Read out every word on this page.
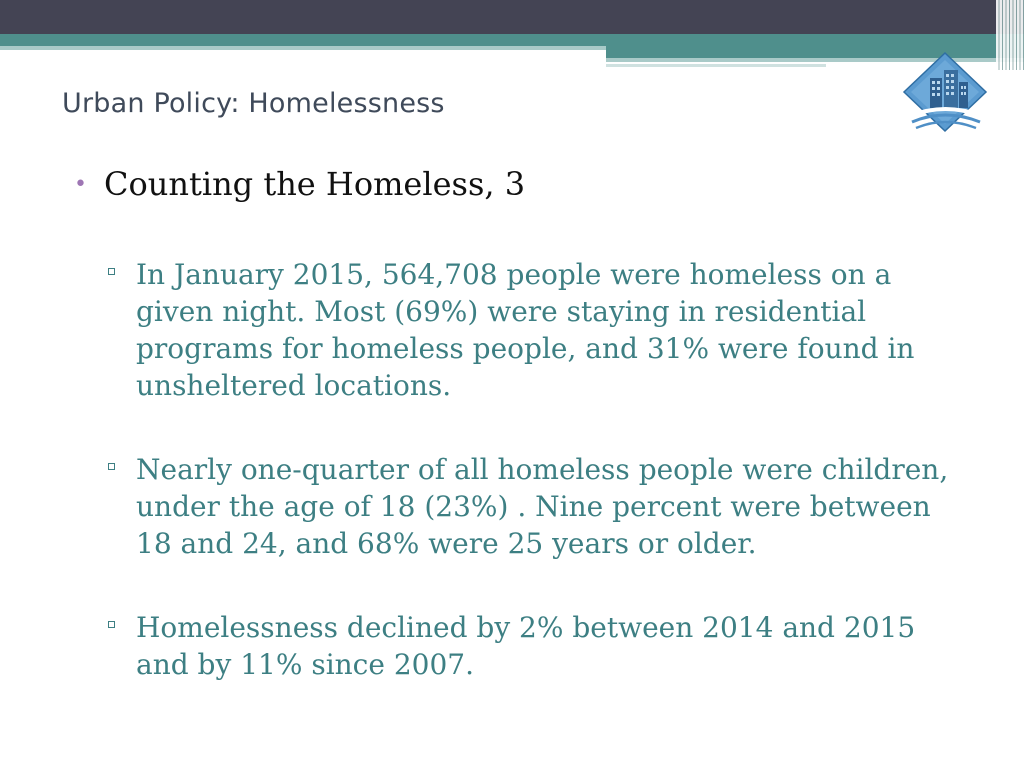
Urban Policy: Homelessness
• Counting the Homeless, 3
In January 2015, 564,708 people were homeless on a given night. Most (69%) were staying in residential programs for homeless people, and 31% were found in unsheltered locations.
Nearly one-quarter of all homeless people were children, under the age of 18 (23%) . Nine percent were between 18 and 24, and 68% were 25 years or older.
Homelessness declined by 2% between 2014 and 2015 and by 11% since 2007.
